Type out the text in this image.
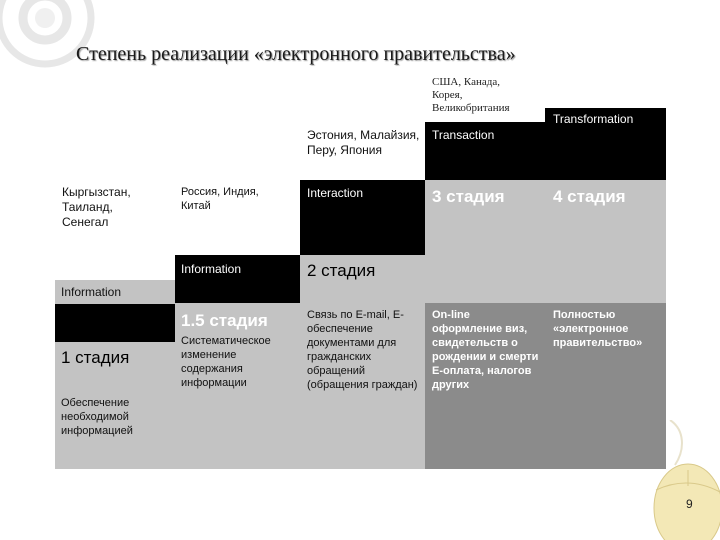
Степень реализации «электронного правительства»
США, Канада, Корея, Великобритания
Кыргызстан, Таиланд, Сенегал
Россия, Индия, Китай
Эстония, Малайзия, Перу, Япония
Transformation
Transaction
Interaction
Information
Information
4 стадия
3 стадия
2 стадия
1.5 стадия
1 стадия
Обеспечение необходимой информацией
Систематическое изменение содержания информации
Связь по E-mail, E-обеспечение документами для гражданских обращений (обращения граждан)
On-line оформление виз, свидетельств о рождении и смерти E-оплата, налогов других
Полностью «электронное правительство»
9
